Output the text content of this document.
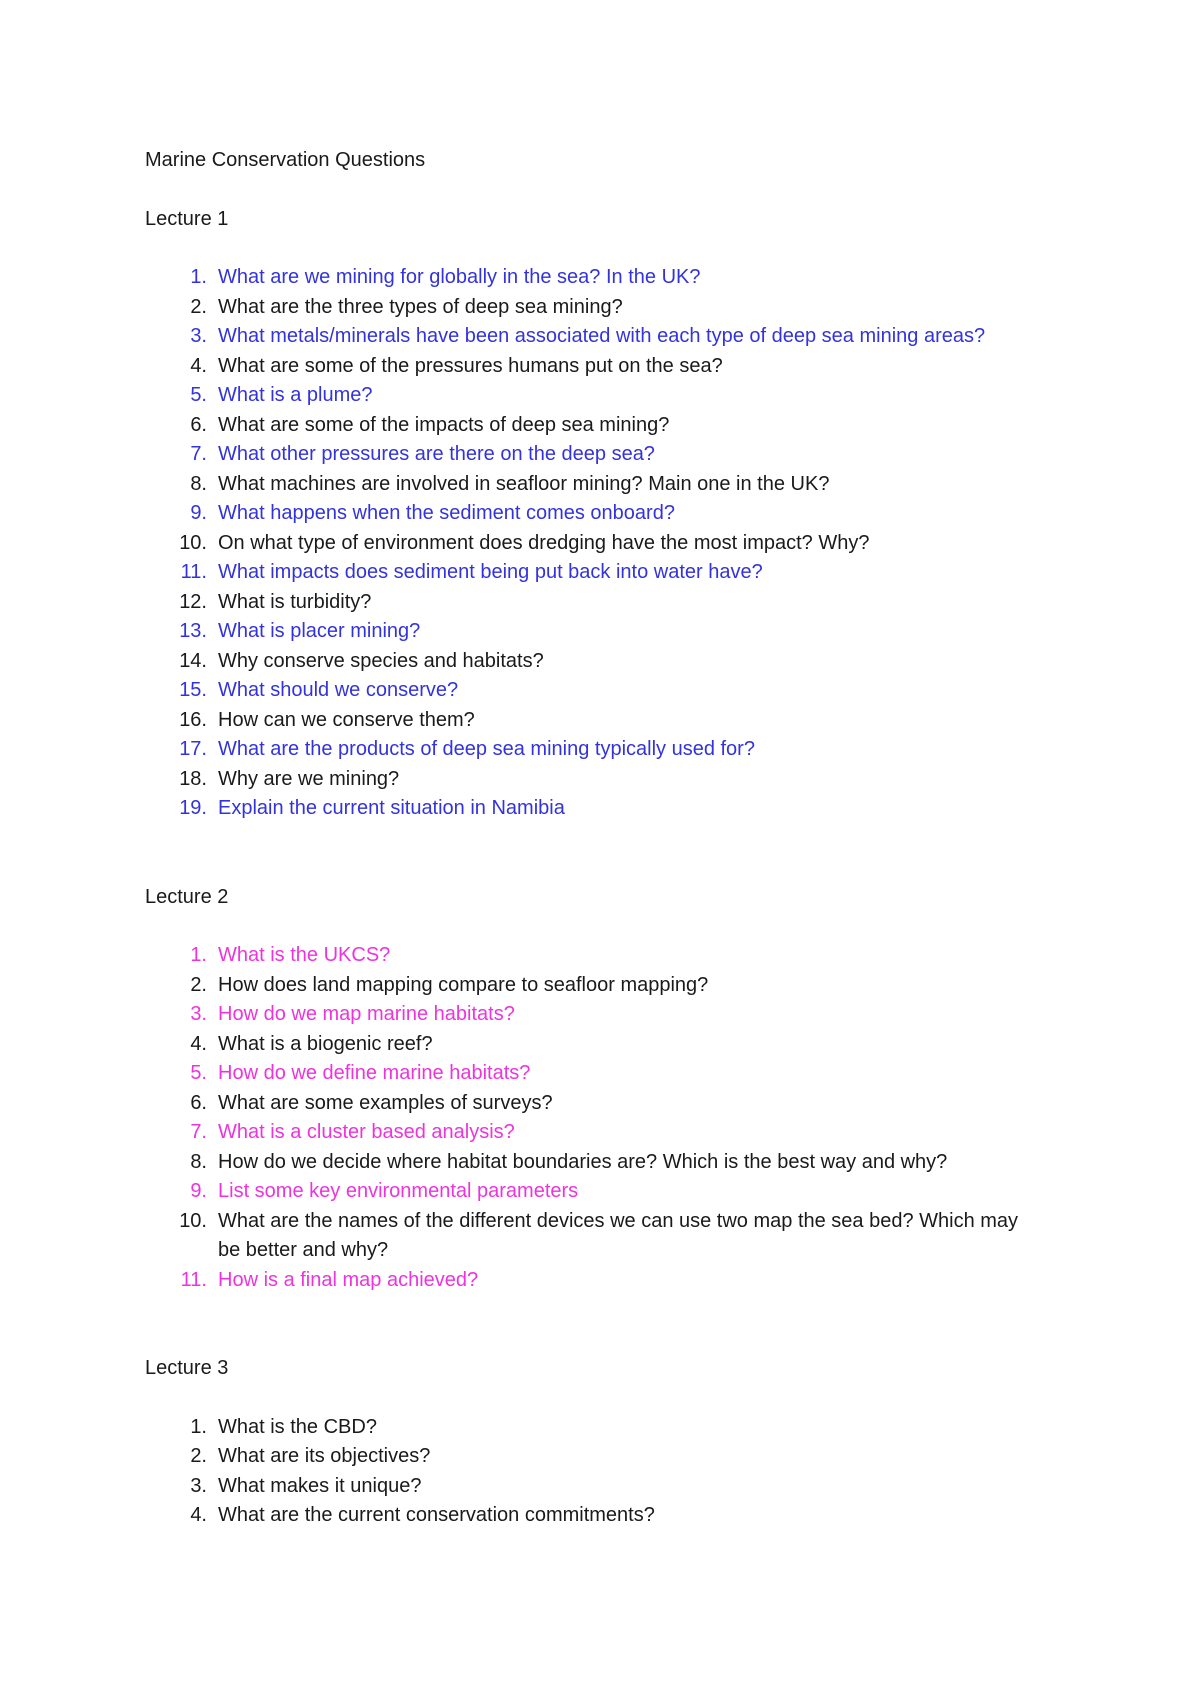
Marine Conservation Questions

Lecture 1

1. What are we mining for globally in the sea? In the UK?
2. What are the three types of deep sea mining?
3. What metals/minerals have been associated with each type of deep sea mining areas?
4. What are some of the pressures humans put on the sea?
5. What is a plume?
6. What are some of the impacts of deep sea mining?
7. What other pressures are there on the deep sea?
8. What machines are involved in seafloor mining? Main one in the UK?
9. What happens when the sediment comes onboard?
10. On what type of environment does dredging have the most impact? Why?
11. What impacts does sediment being put back into water have?
12. What is turbidity?
13. What is placer mining?
14. Why conserve species and habitats?
15. What should we conserve?
16. How can we conserve them?
17. What are the products of deep sea mining typically used for?
18. Why are we mining?
19. Explain the current situation in Namibia

Lecture 2

1. What is the UKCS?
2. How does land mapping compare to seafloor mapping?
3. How do we map marine habitats?
4. What is a biogenic reef?
5. How do we define marine habitats?
6. What are some examples of surveys?
7. What is a cluster based analysis?
8. How do we decide where habitat boundaries are? Which is the best way and why?
9. List some key environmental parameters
10. What are the names of the different devices we can use two map the sea bed? Which may be better and why?
11. How is a final map achieved?

Lecture 3

1. What is the CBD?
2. What are its objectives?
3. What makes it unique?
4. What are the current conservation commitments?
